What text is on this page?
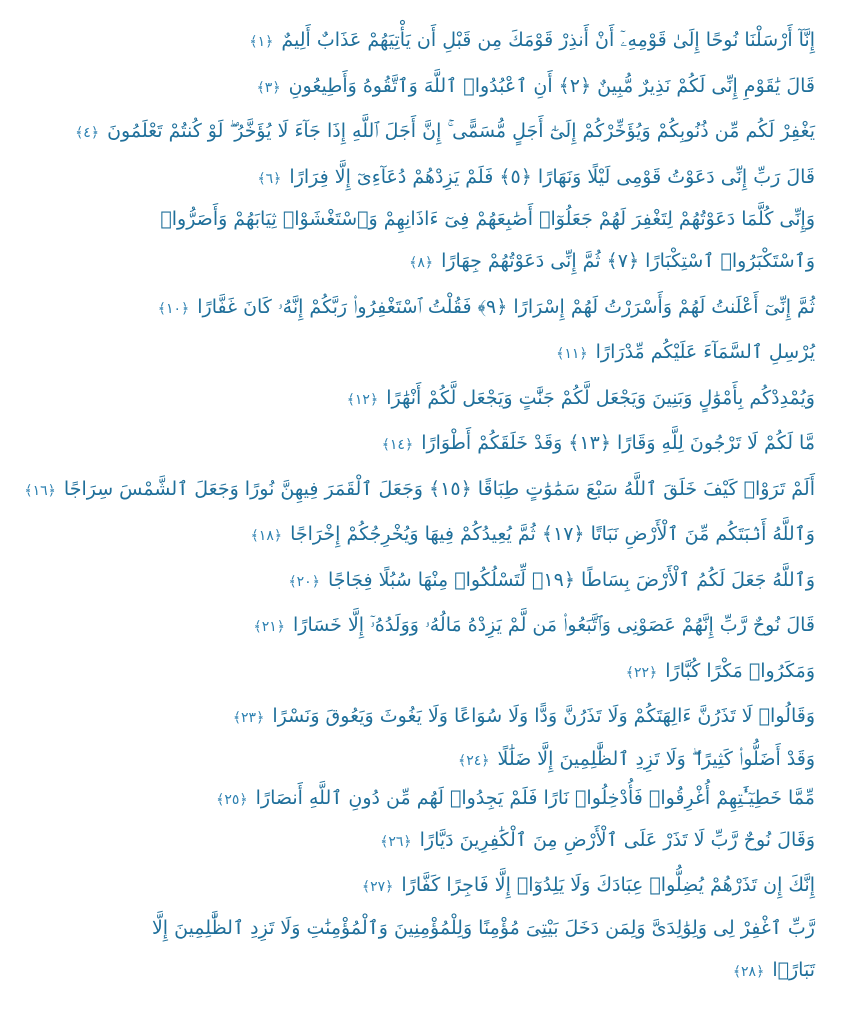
إِنَّآ أَرْسَلْنَا نُوحًا إِلَىٰ قَوْمِهِۦٓ أَنْ أَنذِرْ قَوْمَكَ مِن قَبْلِ أَن يَأْتِيَهُمْ عَذَابٌ أَلِيمٌ ﴿١﴾
قَالَ يَٰقَوْمِ إِنِّى لَكُمْ نَذِيرٌ مُّبِينٌ ﴿٢﴾ أَنِ ٱعْبُدُوا۟ ٱللَّهَ وَٱتَّقُوهُ وَأَطِيعُونِ ﴿٣﴾
يَغْفِرْ لَكُم مِّن ذُنُوبِكُمْ وَيُؤَخِّرْكُمْ إِلَىٰٓ أَجَلٍ مُّسَمًّى ۚ إِنَّ أَجَلَ ٱللَّهِ إِذَا جَآءَ لَا يُؤَخَّرُ ۖ لَوْ كُنتُمْ تَعْلَمُونَ ﴿٤﴾
قَالَ رَبِّ إِنِّى دَعَوْتُ قَوْمِى لَيْلًا وَنَهَارًا ﴿٥﴾ فَلَمْ يَزِدْهُمْ دُعَآءِىٓ إِلَّا فِرَارًا ﴿٦﴾
وَإِنِّى كُلَّمَا دَعَوْتُهُمْ لِتَغْفِرَ لَهُمْ جَعَلُوٓا۟ أَصَٰبِعَهُمْ فِىٓ ءَاذَانِهِمْ وَٱسْتَغْشَوْا۟ ثِيَابَهُمْ وَأَصَرُّوا۟
وَٱسْتَكْبَرُوا۟ ٱسْتِكْبَارًا ﴿٧﴾ ثُمَّ إِنِّى دَعَوْتُهُمْ جِهَارًا ﴿٨﴾
ثُمَّ إِنِّىٓ أَعْلَنتُ لَهُمْ وَأَسْرَرْتُ لَهُمْ إِسْرَارًا ﴿٩﴾ فَقُلْتُ ٱسْتَغْفِرُوا۟ رَبَّكُمْ إِنَّهُۥ كَانَ غَفَّارًا ﴿١٠﴾
يُرْسِلِ ٱلسَّمَآءَ عَلَيْكُم مِّدْرَارًا ﴿١١﴾
وَيُمْدِدْكُم بِأَمْوَٰلٍ وَبَنِينَ وَيَجْعَل لَّكُمْ جَنَّٰتٍ وَيَجْعَل لَّكُمْ أَنْهَٰرًا ﴿١٢﴾
مَّا لَكُمْ لَا تَرْجُونَ لِلَّهِ وَقَارًا ﴿١٣﴾ وَقَدْ خَلَقَكُمْ أَطْوَارًا ﴿١٤﴾
أَلَمْ تَرَوْا۟ كَيْفَ خَلَقَ ٱللَّهُ سَبْعَ سَمَٰوَٰتٍ طِبَاقًا ﴿١٥﴾ وَجَعَلَ ٱلْقَمَرَ فِيهِنَّ نُورًا وَجَعَلَ ٱلشَّمْسَ سِرَاجًا ﴿١٦﴾
وَٱللَّهُ أَنۢبَتَكُم مِّنَ ٱلْأَرْضِ نَبَاتًا ﴿١٧﴾ ثُمَّ يُعِيدُكُمْ فِيهَا وَيُخْرِجُكُمْ إِخْرَاجًا ﴿١٨﴾
وَٱللَّهُ جَعَلَ لَكُمُ ٱلْأَرْضَ بِسَاطًا ﴿١٩﴾ لِّتَسْلُكُوا۟ مِنْهَا سُبُلًا فِجَاجًا ﴿٢٠﴾
قَالَ نُوحٌ رَّبِّ إِنَّهُمْ عَصَوْنِى وَٱتَّبَعُوا۟ مَن لَّمْ يَزِدْهُ مَالُهُۥ وَوَلَدُهُۥٓ إِلَّا خَسَارًا ﴿٢١﴾
وَمَكَرُوا۟ مَكْرًا كُبَّارًا ﴿٢٢﴾
وَقَالُوا۟ لَا تَذَرُنَّ ءَالِهَتَكُمْ وَلَا تَذَرُنَّ وَدًّا وَلَا سُوَاعًا وَلَا يَغُوثَ وَيَعُوقَ وَنَسْرًا ﴿٢٣﴾
وَقَدْ أَضَلُّوا۟ كَثِيرًا ۖ وَلَا تَزِدِ ٱلظَّٰلِمِينَ إِلَّا ضَلَٰلًا ﴿٢٤﴾
مِّمَّا خَطِيٓـَٰٔتِهِمْ أُغْرِقُوا۟ فَأُدْخِلُوا۟ نَارًا فَلَمْ يَجِدُوا۟ لَهُم مِّن دُونِ ٱللَّهِ أَنصَارًا ﴿٢٥﴾
وَقَالَ نُوحٌ رَّبِّ لَا تَذَرْ عَلَى ٱلْأَرْضِ مِنَ ٱلْكَٰفِرِينَ دَيَّارًا ﴿٢٦﴾
إِنَّكَ إِن تَذَرْهُمْ يُضِلُّوا۟ عِبَادَكَ وَلَا يَلِدُوٓا۟ إِلَّا فَاجِرًا كَفَّارًا ﴿٢٧﴾
رَّبِّ ٱغْفِرْ لِى وَلِوَٰلِدَىَّ وَلِمَن دَخَلَ بَيْتِىَ مُؤْمِنًا وَلِلْمُؤْمِنِينَ وَٱلْمُؤْمِنَٰتِ وَلَا تَزِدِ ٱلظَّٰلِمِينَ إِلَّا
تَبَارًۢا ﴿٢٨﴾
